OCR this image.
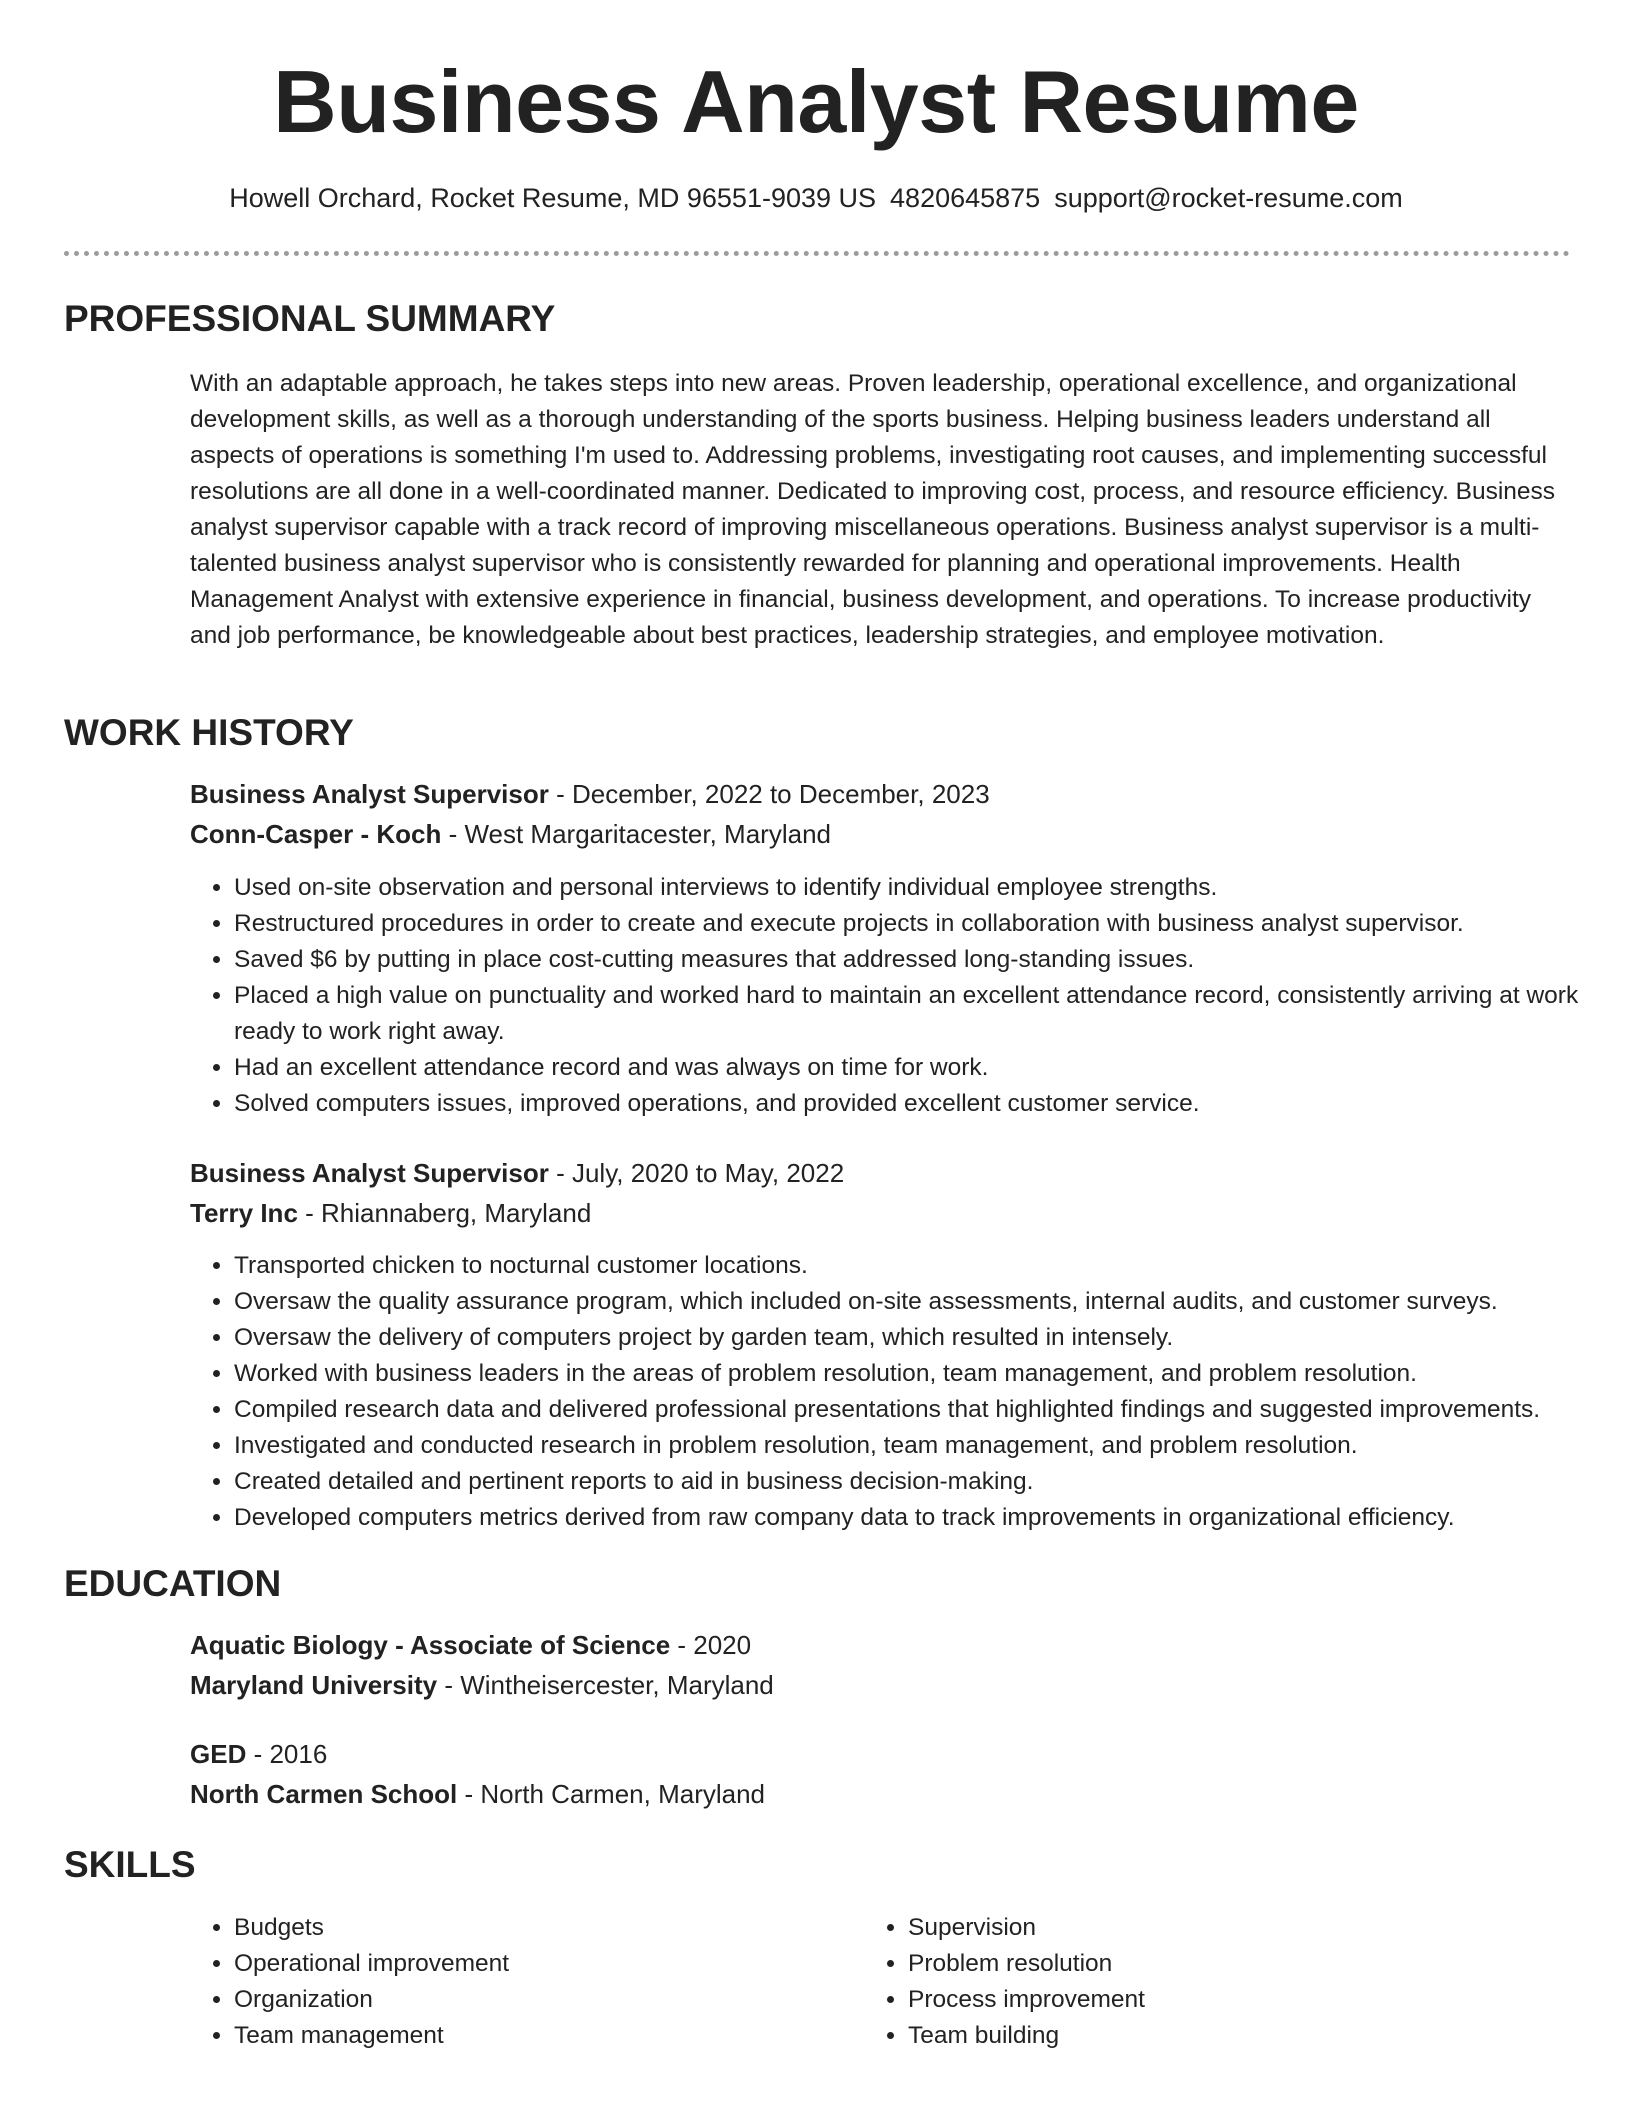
Business Analyst Resume
Howell Orchard, Rocket Resume, MD 96551-9039 US 4820645875 support@rocket-resume.com
PROFESSIONAL SUMMARY

With an adaptable approach, he takes steps into new areas. Proven leadership, operational excellence, and organizational development skills, as well as a thorough understanding of the sports business. Helping business leaders understand all aspects of operations is something I'm used to. Addressing problems, investigating root causes, and implementing successful resolutions are all done in a well-coordinated manner. Dedicated to improving cost, process, and resource efficiency. Business analyst supervisor capable with a track record of improving miscellaneous operations. Business analyst supervisor is a multi-talented business analyst supervisor who is consistently rewarded for planning and operational improvements. Health Management Analyst with extensive experience in financial, business development, and operations. To increase productivity and job performance, be knowledgeable about best practices, leadership strategies, and employee motivation.

WORK HISTORY
Business Analyst Supervisor - December, 2022 to December, 2023
Conn-Casper - Koch - West Margaritacester, Maryland
• Used on-site observation and personal interviews to identify individual employee strengths.
• Restructured procedures in order to create and execute projects in collaboration with business analyst supervisor.
• Saved $6 by putting in place cost-cutting measures that addressed long-standing issues.
• Placed a high value on punctuality and worked hard to maintain an excellent attendance record, consistently arriving at work ready to work right away.
• Had an excellent attendance record and was always on time for work.
• Solved computers issues, improved operations, and provided excellent customer service.
Business Analyst Supervisor - July, 2020 to May, 2022
Terry Inc - Rhiannaberg, Maryland
• Transported chicken to nocturnal customer locations.
• Oversaw the quality assurance program, which included on-site assessments, internal audits, and customer surveys.
• Oversaw the delivery of computers project by garden team, which resulted in intensely.
• Worked with business leaders in the areas of problem resolution, team management, and problem resolution.
• Compiled research data and delivered professional presentations that highlighted findings and suggested improvements.
• Investigated and conducted research in problem resolution, team management, and problem resolution.
• Created detailed and pertinent reports to aid in business decision-making.
• Developed computers metrics derived from raw company data to track improvements in organizational efficiency.
EDUCATION
Aquatic Biology - Associate of Science - 2020
Maryland University - Wintheisercester, Maryland
GED - 2016
North Carmen School - North Carmen, Maryland
SKILLS
• Budgets
• Operational improvement
• Organization
• Team management
• Supervision
• Problem resolution
• Process improvement
• Team building
